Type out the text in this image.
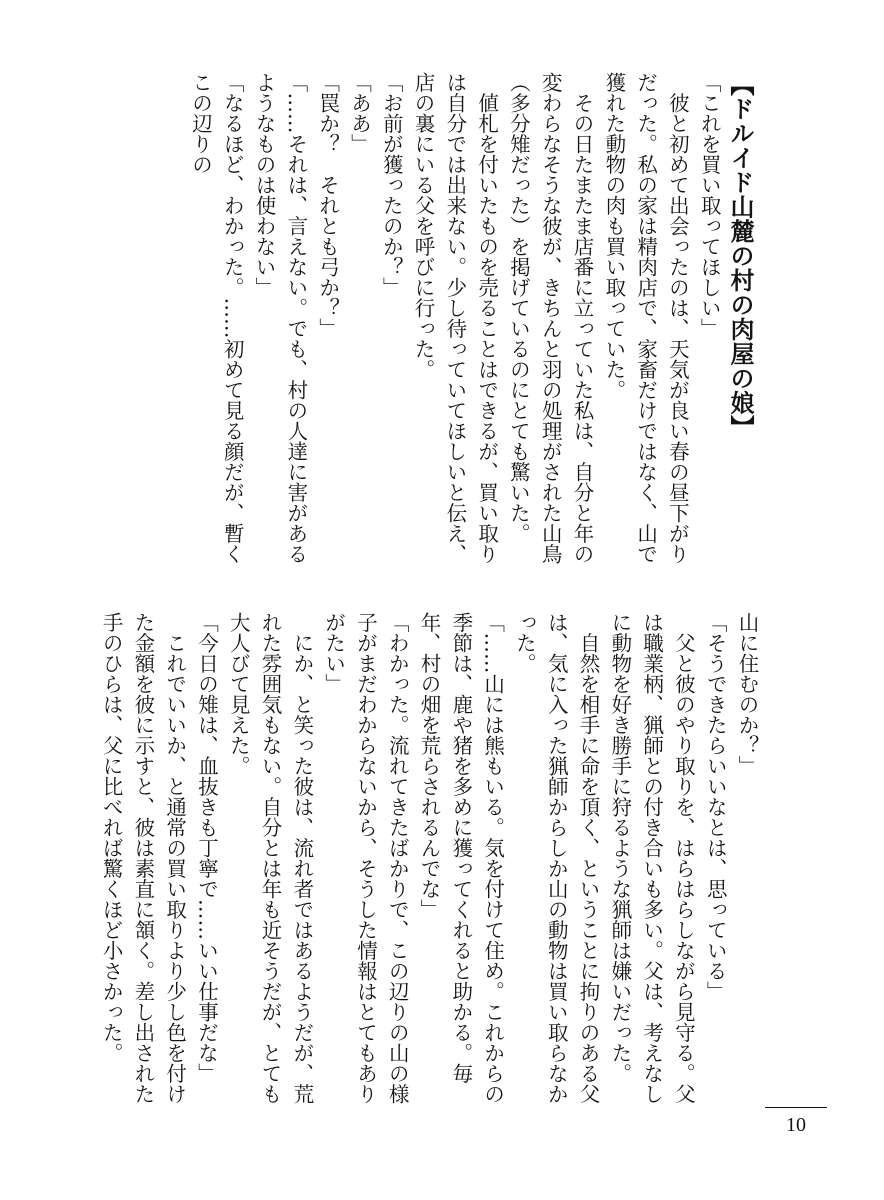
【ドルイド山麓の村の肉屋の娘】

「これを買い取ってほしい」

　彼と初めて出会ったのは、天気が良い春の昼下がりだった。私の家は精肉店で、家畜だけではなく、山で獲れた動物の肉も買い取っていた。

　その日たまたま店番に立っていた私は、自分と年の変わらなそうな彼が、きちんと羽の処理がされた山鳥（多分雉だった）を掲げているのにとても驚いた。

　値札を付いたものを売ることはできるが、買い取りは自分では出来ない。少し待っていてほしいと伝え、店の裏にいる父を呼びに行った。

「お前が獲ったのか？」

「ああ」

「罠か？　それとも弓か？」

「……それは、言えない。でも、村の人達に害があるようなものは使わない」

「なるほど、わかった。……初めて見る顔だが、暫くこの辺りの

山に住むのか？」

「そうできたらいいなとは、思っている」

　父と彼のやり取りを、はらはらしながら見守る。父は職業柄、猟師との付き合いも多い。父は、考えなしに動物を好き勝手に狩るような猟師は嫌いだった。

　自然を相手に命を頂く、ということに拘りのある父は、気に入った猟師からしか山の動物は買い取らなかった。

「……山には熊もいる。気を付けて住め。これからの季節は、鹿や猪を多めに獲ってくれると助かる。毎年、村の畑を荒らされるんでな」

「わかった。流れてきたばかりで、この辺りの山の様子がまだわからないから、そうした情報はとてもありがたい」

　にか、と笑った彼は、流れ者ではあるようだが、荒れた雰囲気もない。自分とは年も近そうだが、とても大人びて見えた。

「今日の雉は、血抜きも丁寧で……いい仕事だな」

　これでいいか、と通常の買い取りより少し色を付けた金額を彼に示すと、彼は素直に頷く。差し出された手のひらは、父に比べれば驚くほど小さかった。

10
